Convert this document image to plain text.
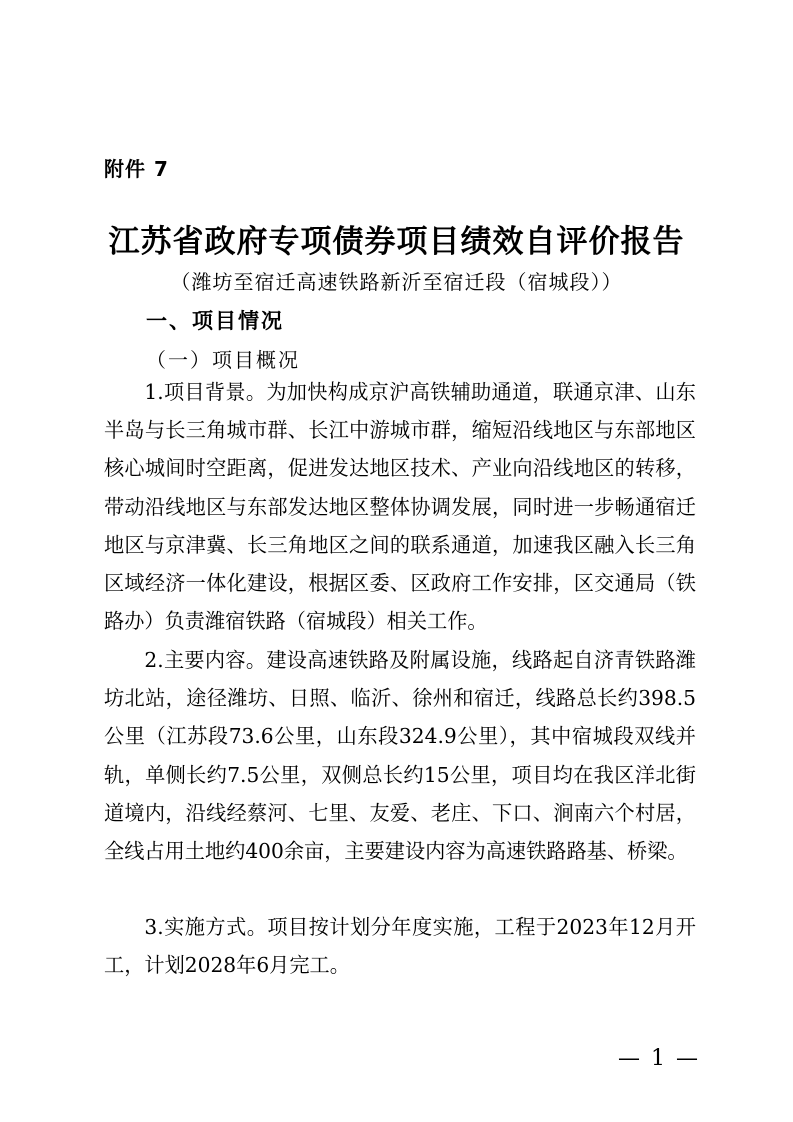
附件 7
江苏省政府专项债券项目绩效自评价报告
（潍坊至宿迁高速铁路新沂至宿迁段（宿城段））
一、项目情况
（一）项目概况

1.项目背景。为加快构成京沪高铁辅助通道，联通京津、山东半岛与长三角城市群、长江中游城市群，缩短沿线地区与东部地区核心城间时空距离，促进发达地区技术、产业向沿线地区的转移，带动沿线地区与东部发达地区整体协调发展，同时进一步畅通宿迁地区与京津冀、长三角地区之间的联系通道，加速我区融入长三角区域经济一体化建设，根据区委、区政府工作安排，区交通局（铁路办）负责潍宿铁路（宿城段）相关工作。

2.主要内容。建设高速铁路及附属设施，线路起自济青铁路潍坊北站，途径潍坊、日照、临沂、徐州和宿迁，线路总长约398.5公里（江苏段73.6公里，山东段324.9公里），其中宿城段双线并轨，单侧长约7.5公里，双侧总长约15公里，项目均在我区洋北街道境内，沿线经蔡河、七里、友爱、老庄、下口、涧南六个村居，全线占用土地约400余亩，主要建设内容为高速铁路路基、桥梁。

3.实施方式。项目按计划分年度实施，工程于2023年12月开工，计划2028年6月完工。

— 1 —
